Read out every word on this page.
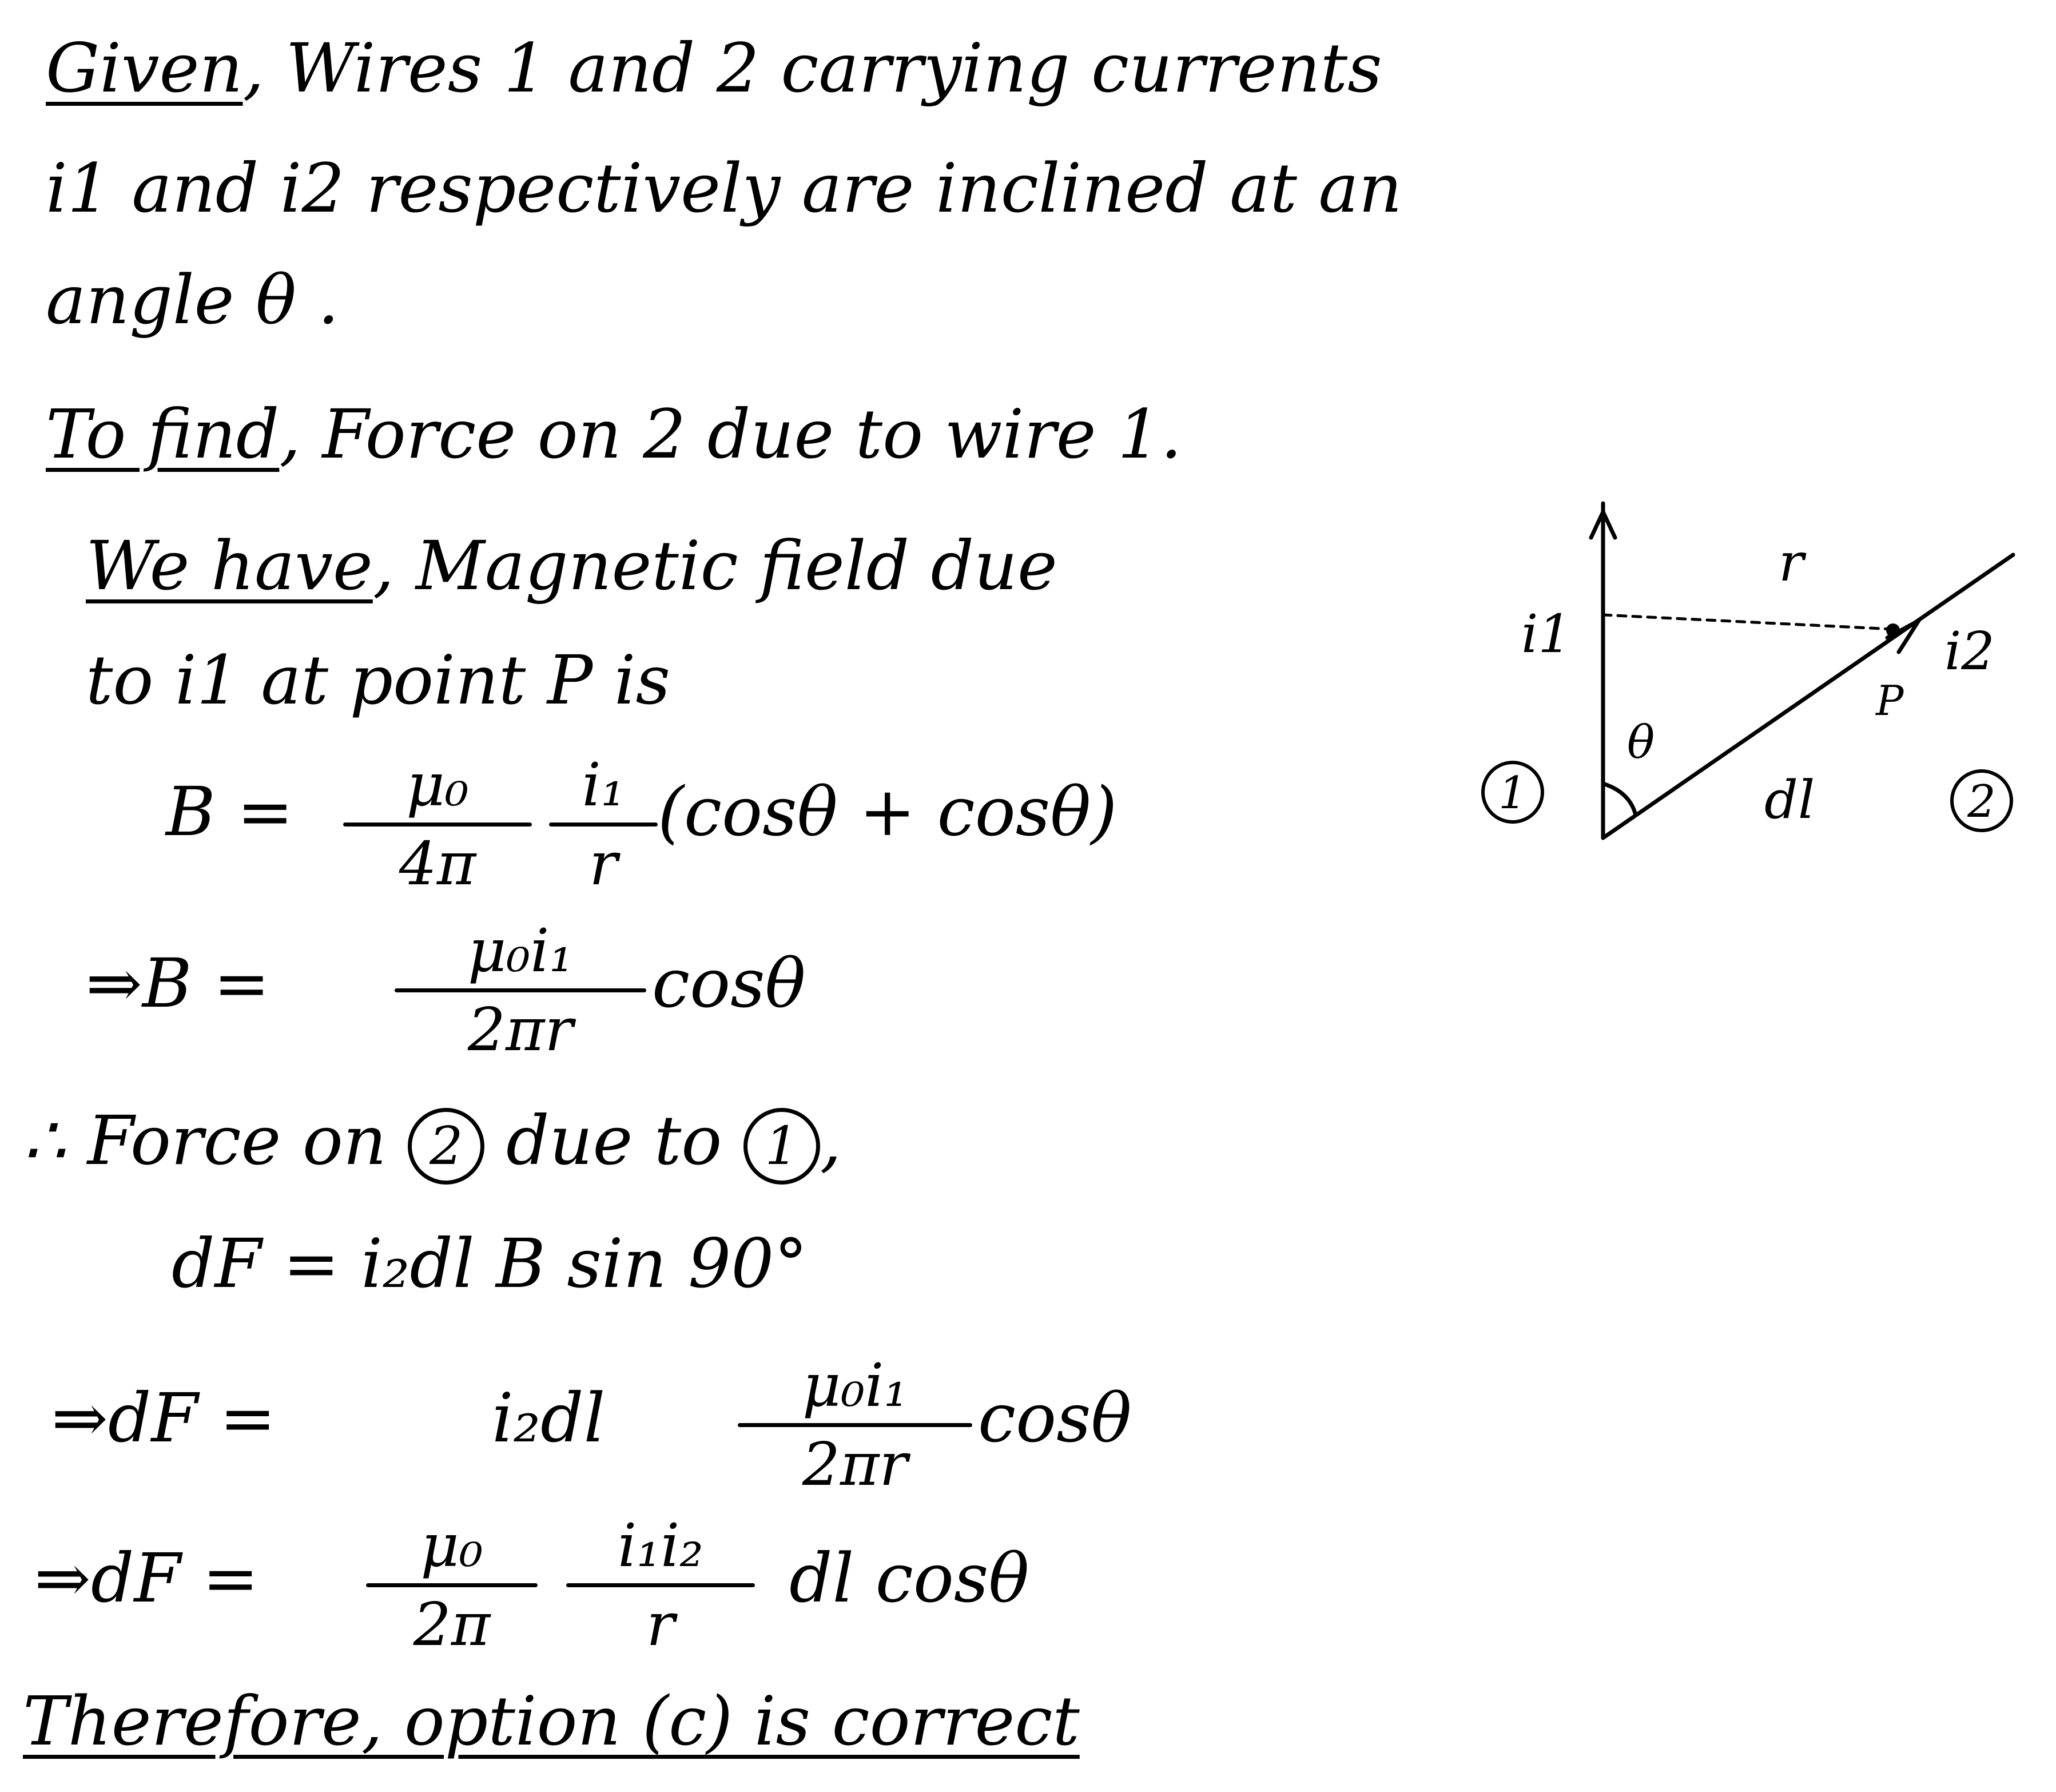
Given, Wires 1 and 2 carrying currents
i1 and i2 respectively are inclined at an
angle θ .
To find, Force on 2 due to wire 1.
We have, Magnetic field due
to i1 at point P is
B =	μ₀
4π
i₁
r
(cosθ + cosθ)
⇒B =	μ₀i₁
2πr
cosθ
∴ Force on 2 due to 1 ,
dF = i₂dl B sin 90°
⇒dF =	i₂dl	μ₀i₁
2πr
cosθ
⇒dF =	μ₀
2π
i₁i₂
r
dl cosθ
Therefore, option (c) is correct
i1
r
i2
P
θ
dl
1	2
